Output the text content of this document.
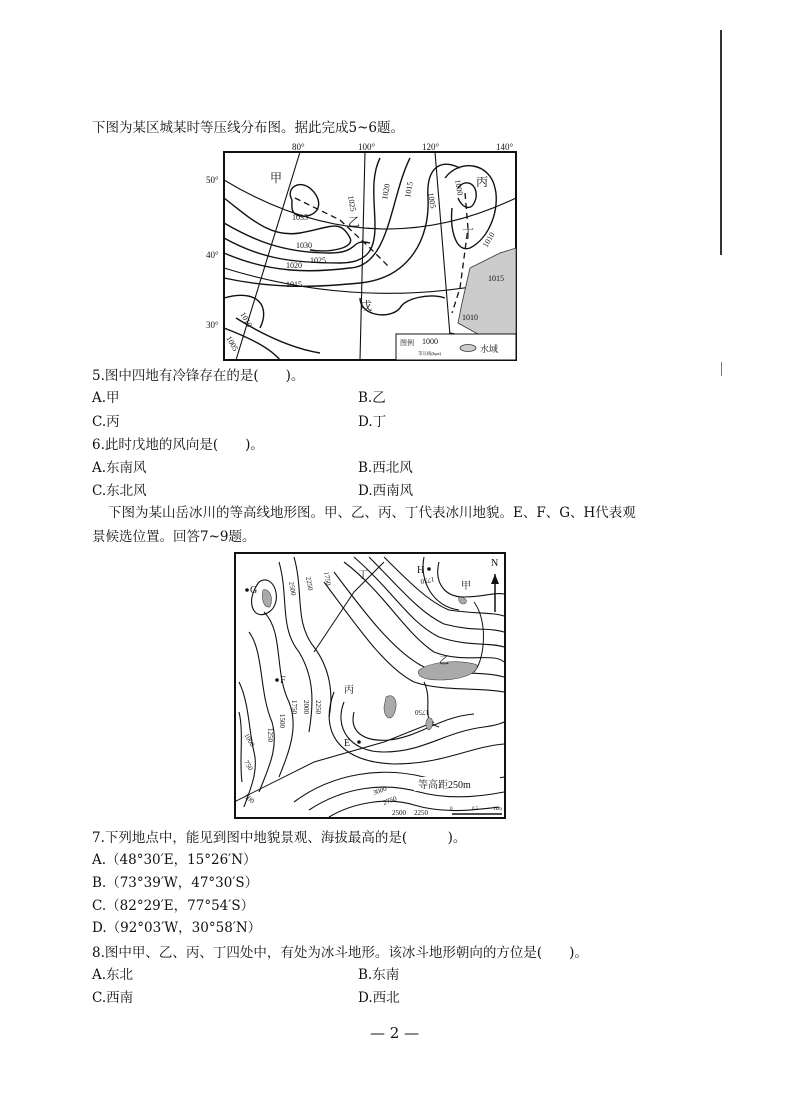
下图为某区城某时等压线分布图。据此完成5~6题。
80°	100°	120°	140°
50°
40°
30°
1035
1030
1025
1020
1015
1025
1020 1015
1005
1000
1010
1015
1010
1010
1005
甲
乙
丙
丁
戊
图例 1000
等压线(hpa)	水域
5.图中四地有冷锋存在的是(　　)。
A.甲	B.乙
C.丙	D.丁
6.此时戊地的风向是(　　)。
A.东南风	B.西北风
C.东北风	D.西南风
下图为某山岳冰川的等高线地形图。甲、乙、丙、丁代表冰川地貌。E、F、G、H代表观
景候选位置。回答7~9题。
1750
2250
2500
1750
2000 2250
1750
1500
1250
1000
750
500
3000
2750
2500 2250
1750
甲
乙
丙
丁
E
F
G
H
N
等高距250m
0	0.5	1km
7.下列地点中，能见到图中地貌景观、海拔最高的是(　　　)。
A.（48°30′E，15°26′N）
B.（73°39′W，47°30′S）
C.（82°29′E，77°54′S）
D.（92°03′W，30°58′N）
8.图中甲、乙、丙、丁四处中，有处为冰斗地形。该冰斗地形朝向的方位是(　　)。
A.东北	B.东南
C.西南	D.西北
— 2 —
